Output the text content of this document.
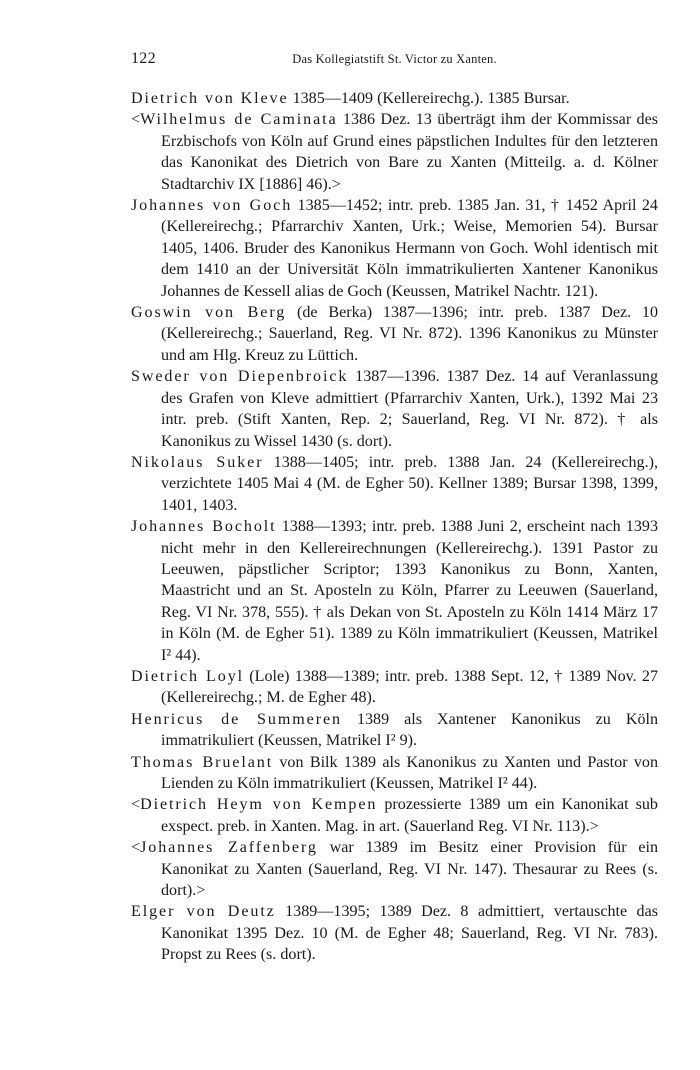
122	Das Kollegiatstift St. Victor zu Xanten.

Dietrich von Kleve 1385—1409 (Kellereirechg.). 1385 Bursar.

<Wilhelmus de Caminata 1386 Dez. 13 überträgt ihm der Kommissar des Erzbischofs von Köln auf Grund eines päpstlichen Indultes für den letzteren das Kanonikat des Dietrich von Bare zu Xanten (Mitteilg. a. d. Kölner Stadtarchiv IX [1886] 46).>

Johannes von Goch 1385—1452; intr. preb. 1385 Jan. 31, † 1452 April 24 (Kellereirechg.; Pfarrarchiv Xanten, Urk.; Weise, Memorien 54). Bursar 1405, 1406. Bruder des Kanonikus Hermann von Goch. Wohl identisch mit dem 1410 an der Universität Köln immatrikulierten Xantener Kanonikus Johannes de Kessell alias de Goch (Keussen, Matrikel Nachtr. 121).

Goswin von Berg (de Berka) 1387—1396; intr. preb. 1387 Dez. 10 (Kellereirechg.; Sauerland, Reg. VI Nr. 872). 1396 Kanonikus zu Münster und am Hlg. Kreuz zu Lüttich.

Sweder von Diepenbroick 1387—1396. 1387 Dez. 14 auf Veranlassung des Grafen von Kleve admittiert (Pfarrarchiv Xanten, Urk.), 1392 Mai 23 intr. preb. (Stift Xanten, Rep. 2; Sauerland, Reg. VI Nr. 872). † als Kanonikus zu Wissel 1430 (s. dort).

Nikolaus Suker 1388—1405; intr. preb. 1388 Jan. 24 (Kellereirechg.), verzichtete 1405 Mai 4 (M. de Egher 50). Kellner 1389; Bursar 1398, 1399, 1401, 1403.

Johannes Bocholt 1388—1393; intr. preb. 1388 Juni 2, erscheint nach 1393 nicht mehr in den Kellereirechnungen (Kellereirechg.). 1391 Pastor zu Leeuwen, päpstlicher Scriptor; 1393 Kanonikus zu Bonn, Xanten, Maastricht und an St. Aposteln zu Köln, Pfarrer zu Leeuwen (Sauerland, Reg. VI Nr. 378, 555). † als Dekan von St. Aposteln zu Köln 1414 März 17 in Köln (M. de Egher 51). 1389 zu Köln immatrikuliert (Keussen, Matrikel I² 44).

Dietrich Loyl (Lole) 1388—1389; intr. preb. 1388 Sept. 12, † 1389 Nov. 27 (Kellereirechg.; M. de Egher 48).

Henricus de Summeren 1389 als Xantener Kanonikus zu Köln immatrikuliert (Keussen, Matrikel I² 9).

Thomas Bruelant von Bilk 1389 als Kanonikus zu Xanten und Pastor von Lienden zu Köln immatrikuliert (Keussen, Matrikel I² 44).

<Dietrich Heym von Kempen prozessierte 1389 um ein Kanonikat sub exspect. preb. in Xanten. Mag. in art. (Sauerland Reg. VI Nr. 113).>

<Johannes Zaffenberg war 1389 im Besitz einer Provision für ein Kanonikat zu Xanten (Sauerland, Reg. VI Nr. 147). Thesaurar zu Rees (s. dort).>

Elger von Deutz 1389—1395; 1389 Dez. 8 admittiert, vertauschte das Kanonikat 1395 Dez. 10 (M. de Egher 48; Sauerland, Reg. VI Nr. 783). Propst zu Rees (s. dort).
